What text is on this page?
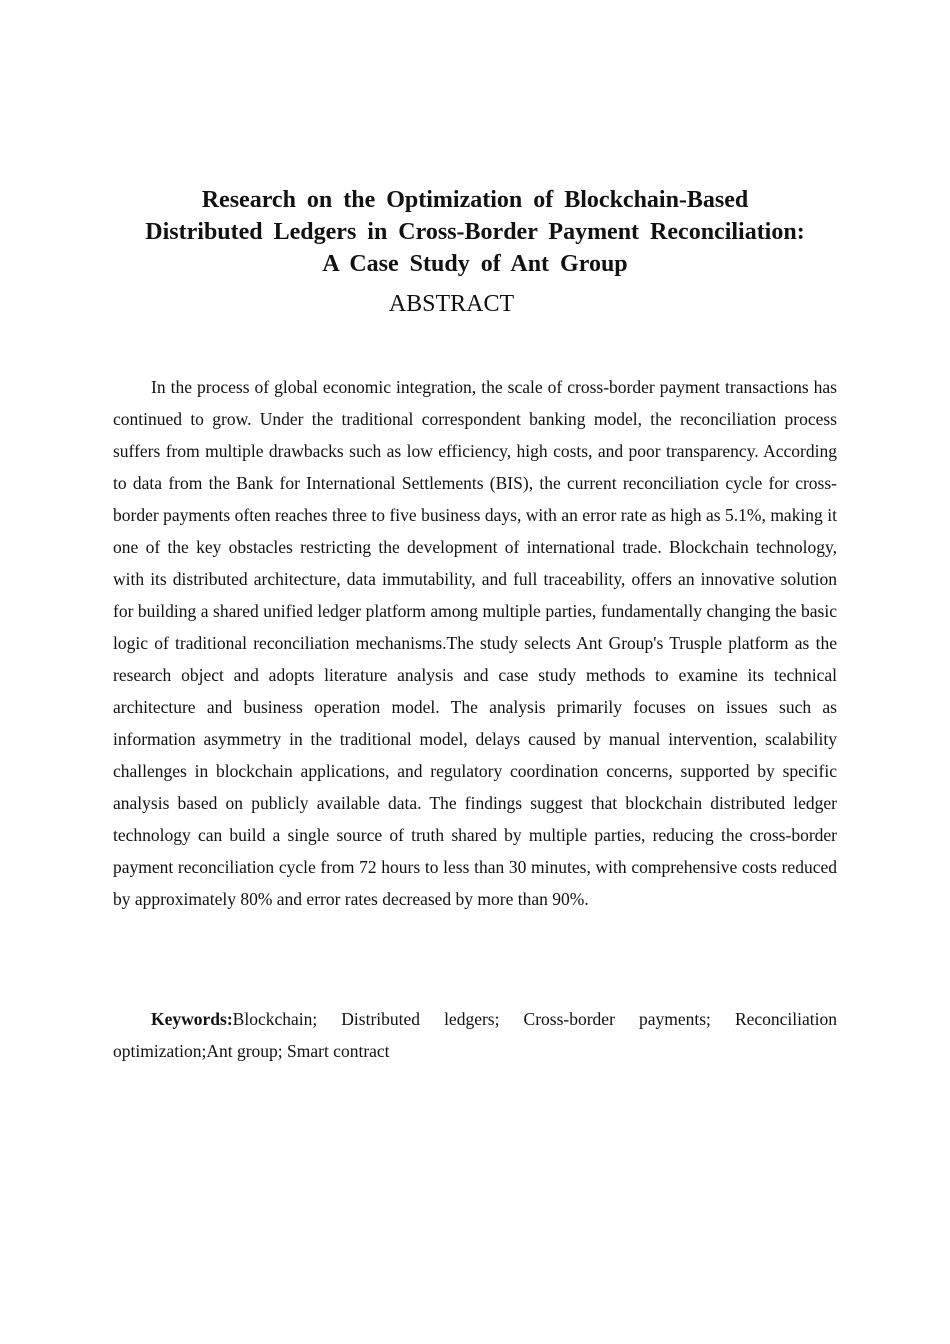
Research on the Optimization of Blockchain-Based
Distributed Ledgers in Cross-Border Payment Reconciliation:
A Case Study of Ant Group
ABSTRACT

In the process of global economic integration, the scale of cross-border payment transactions has continued to grow. Under the traditional correspondent banking model, the reconciliation process suffers from multiple drawbacks such as low efficiency, high costs, and poor transparency. According to data from the Bank for International Settlements (BIS), the current reconciliation cycle for cross-border payments often reaches three to five business days, with an error rate as high as 5.1%, making it one of the key obstacles restricting the development of international trade. Blockchain technology, with its distributed architecture, data immutability, and full traceability, offers an innovative solution for building a shared unified ledger platform among multiple parties, fundamentally changing the basic logic of traditional reconciliation mechanisms.The study selects Ant Group's Trusple platform as the research object and adopts literature analysis and case study methods to examine its technical architecture and business operation model. The analysis primarily focuses on issues such as information asymmetry in the traditional model, delays caused by manual intervention, scalability challenges in blockchain applications, and regulatory coordination concerns, supported by specific analysis based on publicly available data. The findings suggest that blockchain distributed ledger technology can build a single source of truth shared by multiple parties, reducing the cross-border payment reconciliation cycle from 72 hours to less than 30 minutes, with comprehensive costs reduced by approximately 80% and error rates decreased by more than 90%.

Keywords:Blockchain; Distributed ledgers; Cross-border payments; Reconciliation optimization;Ant group; Smart contract
